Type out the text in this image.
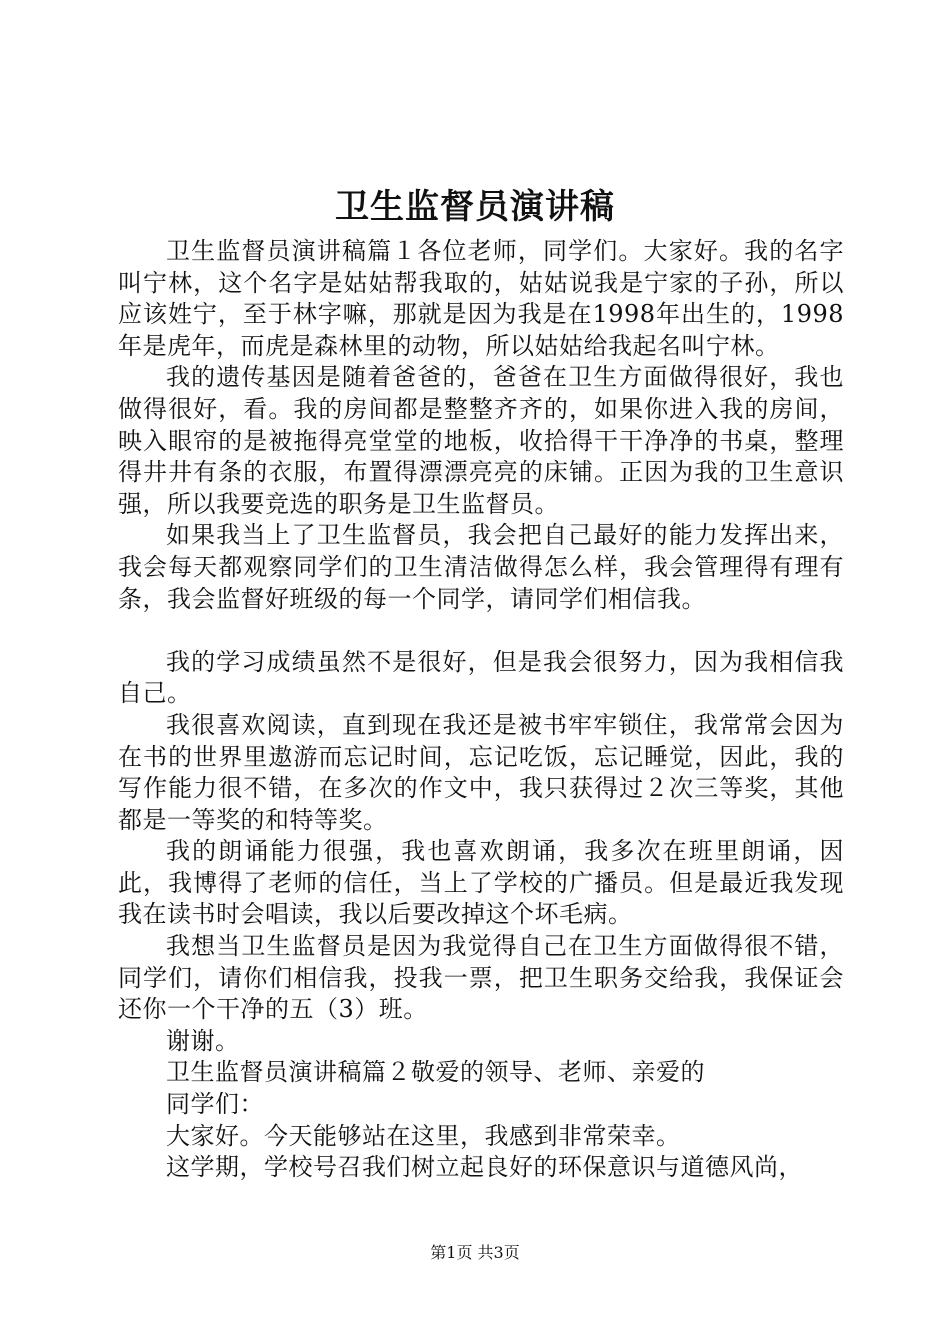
卫生监督员演讲稿

卫生监督员演讲稿篇１各位老师，同学们。大家好。我的名字叫宁林，这个名字是姑姑帮我取的，姑姑说我是宁家的子孙，所以应该姓宁，至于林字嘛，那就是因为我是在1998年出生的，1998年是虎年，而虎是森林里的动物，所以姑姑给我起名叫宁林。

我的遗传基因是随着爸爸的，爸爸在卫生方面做得很好，我也做得很好，看。我的房间都是整整齐齐的，如果你进入我的房间，映入眼帘的是被拖得亮堂堂的地板，收拾得干干净净的书桌，整理得井井有条的衣服，布置得漂漂亮亮的床铺。正因为我的卫生意识强，所以我要竞选的职务是卫生监督员。

如果我当上了卫生监督员，我会把自己最好的能力发挥出来，我会每天都观察同学们的卫生清洁做得怎么样，我会管理得有理有条，我会监督好班级的每一个同学，请同学们相信我。

我的学习成绩虽然不是很好，但是我会很努力，因为我相信我自己。

我很喜欢阅读，直到现在我还是被书牢牢锁住，我常常会因为在书的世界里遨游而忘记时间，忘记吃饭，忘记睡觉，因此，我的写作能力很不错，在多次的作文中，我只获得过２次三等奖，其他都是一等奖的和特等奖。

我的朗诵能力很强，我也喜欢朗诵，我多次在班里朗诵，因此，我博得了老师的信任，当上了学校的广播员。但是最近我发现我在读书时会唱读，我以后要改掉这个坏毛病。

我想当卫生监督员是因为我觉得自己在卫生方面做得很不错，同学们，请你们相信我，投我一票，把卫生职务交给我，我保证会还你一个干净的五（3）班。

谢谢。

卫生监督员演讲稿篇２敬爱的领导、老师、亲爱的

同学们：

大家好。今天能够站在这里，我感到非常荣幸。

这学期，学校号召我们树立起良好的环保意识与道德风尚，

第1页 共3页
